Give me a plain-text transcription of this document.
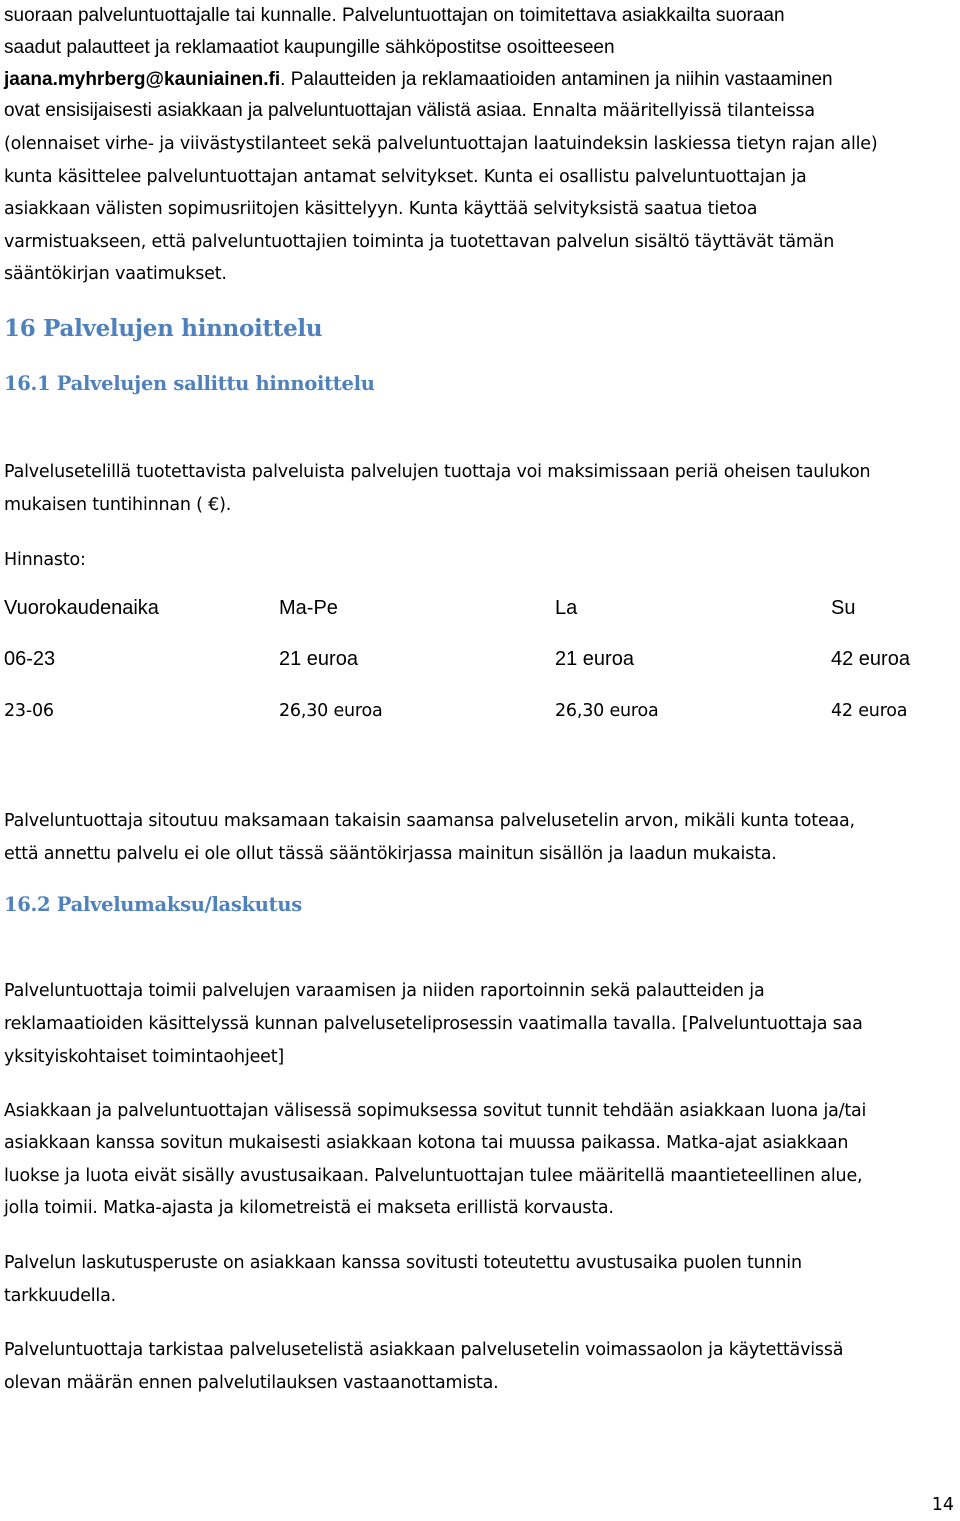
suoraan palveluntuottajalle tai kunnalle. Palveluntuottajan on toimitettava asiakkailta suoraan

saadut palautteet ja reklamaatiot kaupungille sähköpostitse osoitteeseen

jaana.myhrberg@kauniainen.fi. Palautteiden ja reklamaatioiden antaminen ja niihin vastaaminen

ovat ensisijaisesti asiakkaan ja palveluntuottajan välistä asiaa. Ennalta määritellyissä tilanteissa

(olennaiset virhe- ja viivästystilanteet sekä palveluntuottajan laatuindeksin laskiessa tietyn rajan alle)

kunta käsittelee palveluntuottajan antamat selvitykset. Kunta ei osallistu palveluntuottajan ja

asiakkaan välisten sopimusriitojen käsittelyyn. Kunta käyttää selvityksistä saatua tietoa

varmistuakseen, että palveluntuottajien toiminta ja tuotettavan palvelun sisältö täyttävät tämän

sääntökirjan vaatimukset.

16 Palvelujen hinnoittelu
16.1 Palvelujen sallittu hinnoittelu

Palvelusetelillä tuotettavista palveluista palvelujen tuottaja voi maksimissaan periä oheisen taulukon

mukaisen tuntihinnan ( €).

Hinnasto:

Vuorokaudenaika	Ma-Pe	La	Su
06-23	21 euroa	21 euroa	42 euroa
23-06	26,30 euroa	26,30 euroa	42 euroa

Palveluntuottaja sitoutuu maksamaan takaisin saamansa palvelusetelin arvon, mikäli kunta toteaa,

että annettu palvelu ei ole ollut tässä sääntökirjassa mainitun sisällön ja laadun mukaista.

16.2 Palvelumaksu/laskutus

Palveluntuottaja toimii palvelujen varaamisen ja niiden raportoinnin sekä palautteiden ja

reklamaatioiden käsittelyssä kunnan palveluseteliprosessin vaatimalla tavalla. [Palveluntuottaja saa

yksityiskohtaiset toimintaohjeet]

Asiakkaan ja palveluntuottajan välisessä sopimuksessa sovitut tunnit tehdään asiakkaan luona ja/tai

asiakkaan kanssa sovitun mukaisesti asiakkaan kotona tai muussa paikassa. Matka-ajat asiakkaan

luokse ja luota eivät sisälly avustusaikaan. Palveluntuottajan tulee määritellä maantieteellinen alue,

jolla toimii. Matka-ajasta ja kilometreistä ei makseta erillistä korvausta.

Palvelun laskutusperuste on asiakkaan kanssa sovitusti toteutettu avustusaika puolen tunnin

tarkkuudella.

Palveluntuottaja tarkistaa palvelusetelistä asiakkaan palvelusetelin voimassaolon ja käytettävissä

olevan määrän ennen palvelutilauksen vastaanottamista.

14
